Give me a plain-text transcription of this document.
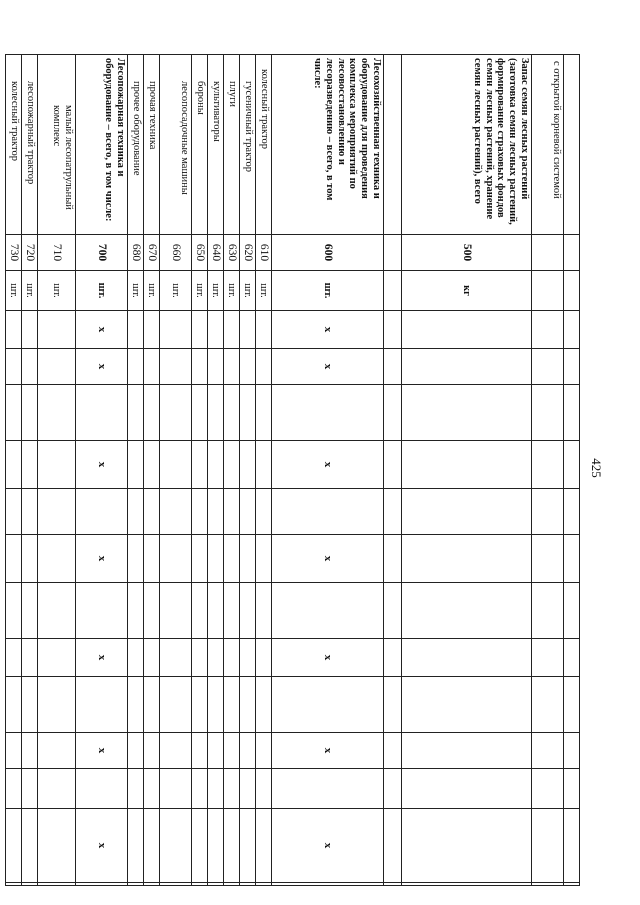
425

с открытой корневой системой															
Запас семян лесных растений (заготовка семян лесных растений, формирование страховых фондов семян лесных растений, хранение семян лесных растений), всего	500	кг													

Лесохозяйственная техника и оборудование для проведения комплекса мероприятий по лесовосстановлению и лесоразведению – всего, в том числе:	600	шт.	х	х		х		х		х		х		х	
колесный трактор	610	шт.													
гусеничный трактор	620	шт.													
плуги	630	шт.													
культиваторы	640	шт.													
бороны	650	шт.													
лесопосадочные машины	660	шт.													
прочая техника	670	шт.													
прочее оборудование	680	шт.													
Лесопожарная техника и оборудование – всего, в том числе:	700	шт.	х	х		х		х		х		х		х	
малый лесопатрульный комплекс	710	шт.													
лесопожарный трактор	720	шт.													
колесный трактор	730	шт.													
